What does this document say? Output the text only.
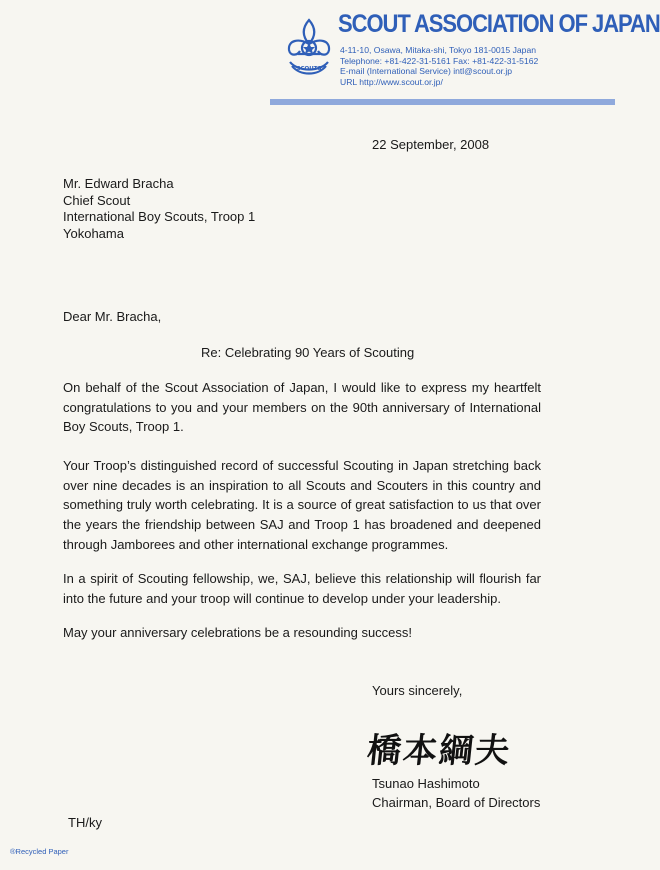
SCOUTS
SCOUT ASSOCIATION OF JAPAN
4-11-10, Osawa, Mitaka-shi, Tokyo 181-0015 Japan
Telephone: +81-422-31-5161 Fax: +81-422-31-5162
E-mail (International Service) intl@scout.or.jp
URL http://www.scout.or.jp/
22 September, 2008
Mr. Edward Bracha
Chief Scout
International Boy Scouts, Troop 1
Yokohama
Dear Mr. Bracha,
Re: Celebrating 90 Years of Scouting
On behalf of the Scout Association of Japan, I would like to express my heartfelt congratulations to you and your members on the 90th anniversary of International Boy Scouts, Troop 1.
Your Troop’s distinguished record of successful Scouting in Japan stretching back over nine decades is an inspiration to all Scouts and Scouters in this country and something truly worth celebrating. It is a source of great satisfaction to us that over the years the friendship between SAJ and Troop 1 has broadened and deepened through Jamborees and other international exchange programmes.
In a spirit of Scouting fellowship, we, SAJ, believe this relationship will flourish far into the future and your troop will continue to develop under your leadership.
May your anniversary celebrations be a resounding success!
Yours sincerely,
橋本綱夫
Tsunao Hashimoto
Chairman, Board of Directors
TH/ky
®Recycled Paper
